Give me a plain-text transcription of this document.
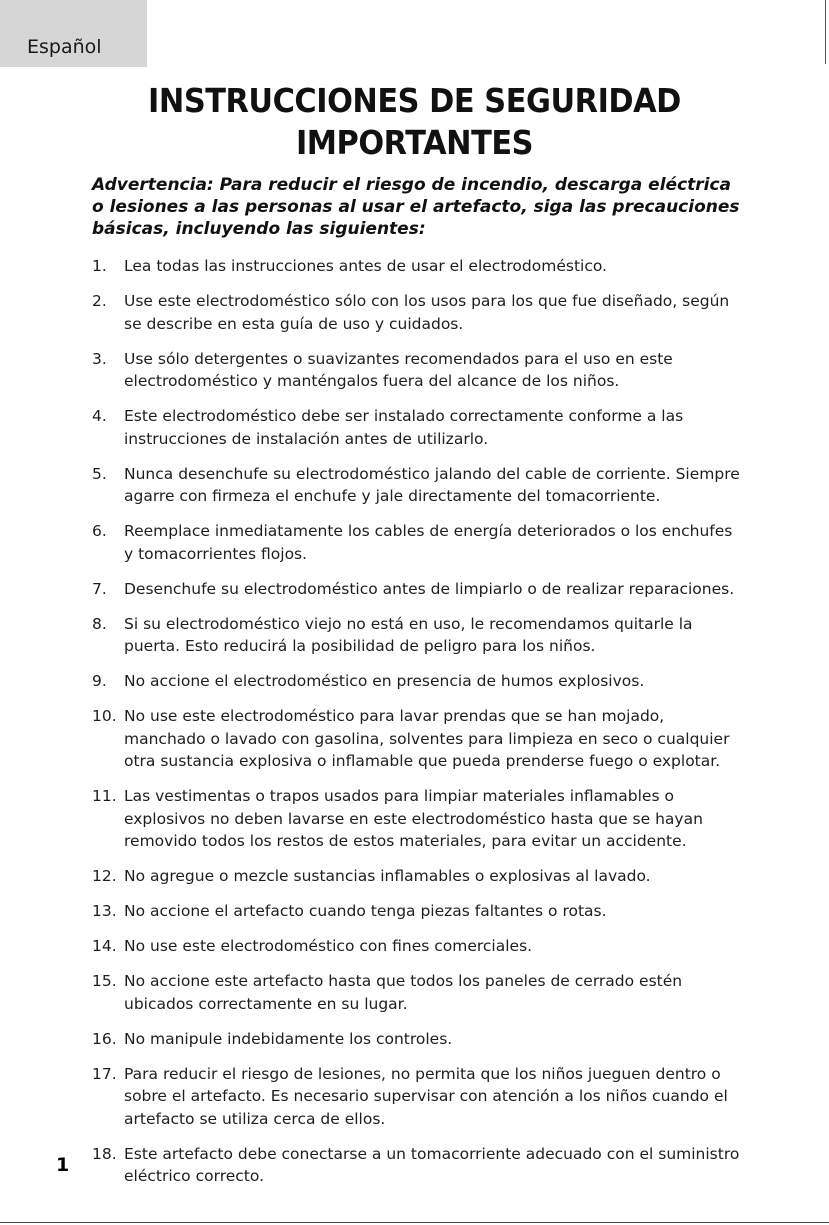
Español
INSTRUCCIONES DE SEGURIDAD
IMPORTANTES
Advertencia: Para reducir el riesgo de incendio, descarga eléctrica o lesiones a las personas al usar el artefacto, siga las precauciones básicas, incluyendo las siguientes:
1. Lea todas las instrucciones antes de usar el electrodoméstico.
2. Use este electrodoméstico sólo con los usos para los que fue diseñado, según se describe en esta guía de uso y cuidados.
3. Use sólo detergentes o suavizantes recomendados para el uso en este electrodoméstico y manténgalos fuera del alcance de los niños.
4. Este electrodoméstico debe ser instalado correctamente conforme a las instrucciones de instalación antes de utilizarlo.
5. Nunca desenchufe su electrodoméstico jalando del cable de corriente. Siempre agarre con firmeza el enchufe y jale directamente del tomacorriente.
6. Reemplace inmediatamente los cables de energía deteriorados o los enchufes y tomacorrientes flojos.
7. Desenchufe su electrodoméstico antes de limpiarlo o de realizar reparaciones.
8. Si su electrodoméstico viejo no está en uso, le recomendamos quitarle la puerta. Esto reducirá la posibilidad de peligro para los niños.
9. No accione el electrodoméstico en presencia de humos explosivos.
10. No use este electrodoméstico para lavar prendas que se han mojado, manchado o lavado con gasolina, solventes para limpieza en seco o cualquier otra sustancia explosiva o inflamable que pueda prenderse fuego o explotar.
11. Las vestimentas o trapos usados para limpiar materiales inflamables o explosivos no deben lavarse en este electrodoméstico hasta que se hayan removido todos los restos de estos materiales, para evitar un accidente.
12. No agregue o mezcle sustancias inflamables o explosivas al lavado.
13. No accione el artefacto cuando tenga piezas faltantes o rotas.
14. No use este electrodoméstico con fines comerciales.
15. No accione este artefacto hasta que todos los paneles de cerrado estén ubicados correctamente en su lugar.
16. No manipule indebidamente los controles.
17. Para reducir el riesgo de lesiones, no permita que los niños jueguen dentro o sobre el artefacto. Es necesario supervisar con atención a los niños cuando el artefacto se utiliza cerca de ellos.
18. Este artefacto debe conectarse a un tomacorriente adecuado con el suministro eléctrico correcto.
1
